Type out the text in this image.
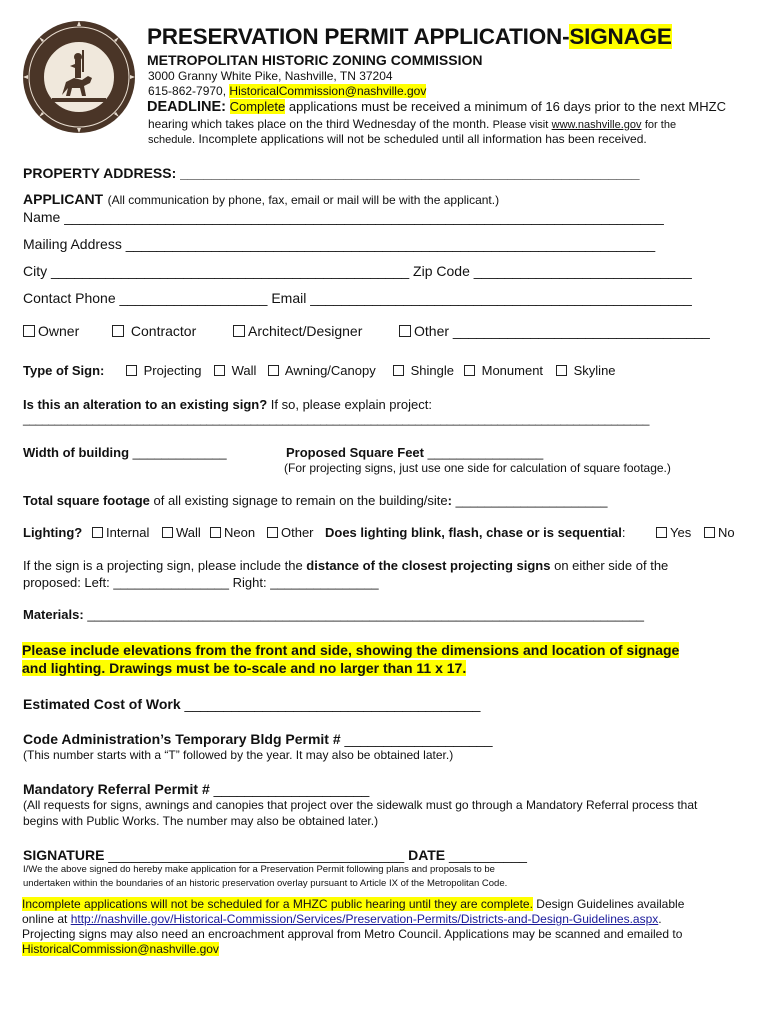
PRESERVATION PERMIT APPLICATION-SIGNAGE
METROPOLITAN HISTORIC ZONING COMMISSION
3000 Granny White Pike, Nashville, TN 37204
615-862-7970, HistoricalCommission@nashville.gov
DEADLINE: Complete applications must be received a minimum of 16 days prior to the next MHZC
hearing which takes place on the third Wednesday of the month. Please visit www.nashville.gov for the
schedule. Incomplete applications will not be scheduled until all information has been received.
PROPERTY ADDRESS: ___________________________________________________________
APPLICANT (All communication by phone, fax, email or mail will be with the applicant.)
Name _____________________________________________________________________________
Mailing Address ____________________________________________________________________
City ______________________________________________ Zip Code ____________________________
Contact Phone ___________________ Email _________________________________________________
Owner	Contractor	Architect/Designer	Other _________________________________
Type of Sign:	Projecting	Wall	Awning/Canopy	Shingle	Monument	Skyline
Is this an alteration to an existing sign? If so, please explain project:
___________________________________________________________________________________________________
Width of building _____________	Proposed Square Feet ________________
(For projecting signs, just use one side for calculation of square footage.)
Total square footage of all existing signage to remain on the building/site: _____________________
Lighting?	Internal	Wall	Neon	Other Does lighting blink, flash, chase or is sequential:	Yes	No
If the sign is a projecting sign, please include the distance of the closest projecting signs on either side of the
proposed: Left: ________________ Right: _______________
Materials: _____________________________________________________________________________
Please include elevations from the front and side, showing the dimensions and location of signage
and lighting. Drawings must be to-scale and no larger than 11 x 17.
Estimated Cost of Work ______________________________________
Code Administration’s Temporary Bldg Permit # ___________________
(This number starts with a “T” followed by the year. It may also be obtained later.)
Mandatory Referral Permit # ____________________
(All requests for signs, awnings and canopies that project over the sidewalk must go through a Mandatory Referral process that
begins with Public Works. The number may also be obtained later.)
SIGNATURE ______________________________________ DATE __________
I/We the above signed do hereby make application for a Preservation Permit following plans and proposals to be
undertaken within the boundaries of an historic preservation overlay pursuant to Article IX of the Metropolitan Code.
Incomplete applications will not be scheduled for a MHZC public hearing until they are complete. Design Guidelines available
online at http://nashville.gov/Historical-Commission/Services/Preservation-Permits/Districts-and-Design-Guidelines.aspx.
Projecting signs may also need an encroachment approval from Metro Council. Applications may be scanned and emailed to
HistoricalCommission@nashville.gov
